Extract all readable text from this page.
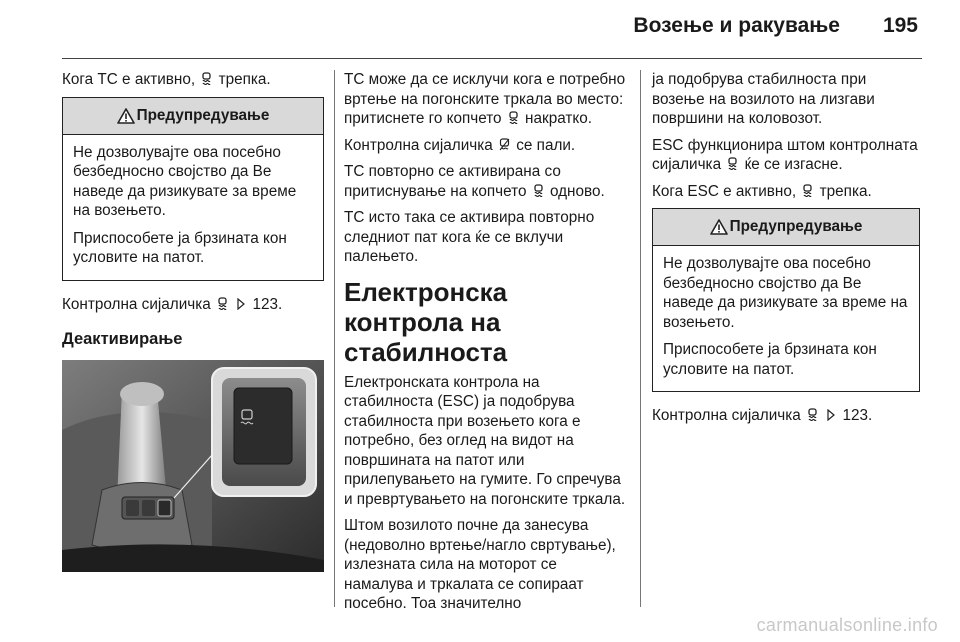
Возење и ракување 195

Кога TC е активно, трепка.

Предупредување

Не дозволувајте ова посебно безбедносно својство да Ве наведе да ризикувате за време на возењето.

Приспособете ја брзината кон условите на патот.

Контролна сијаличка	123.

Деактивирање

TC може да се исклучи кога е потребно вртење на погонските тркала во место: притиснете го копчето накратко.

Контролна сијаличка се пали.

TC повторно се активирана со притиснување на копчето одново.

TC исто така се активира повторно следниот пат кога ќе се вклучи палењето.

Електронска контрола на стабилноста

Електронската контрола на стабилноста (ESC) ја подобрува стабилноста при возењето кога е потребно, без оглед на видот на површината на патот или прилепувањето на гумите. Го спречува и превртувањето на погонските тркала.

Штом возилото почне да занесува (недоволно вртење/нагло свртување), излезната сила на моторот се намалува и тркалата се сопираат посебно. Тоа значително

ја подобрува стабилноста при возење на возилото на лизгави површини на коловозот.

ESC функционира штом контролната сијаличка ќе се изгасне.

Кога ESC е активно, трепка.

Предупредување

Не дозволувајте ова посебно безбедносно својство да Ве наведе да ризикувате за време на возењето.

Приспособете ја брзината кон условите на патот.

Контролна сијаличка	123.

carmanualsonline.info
